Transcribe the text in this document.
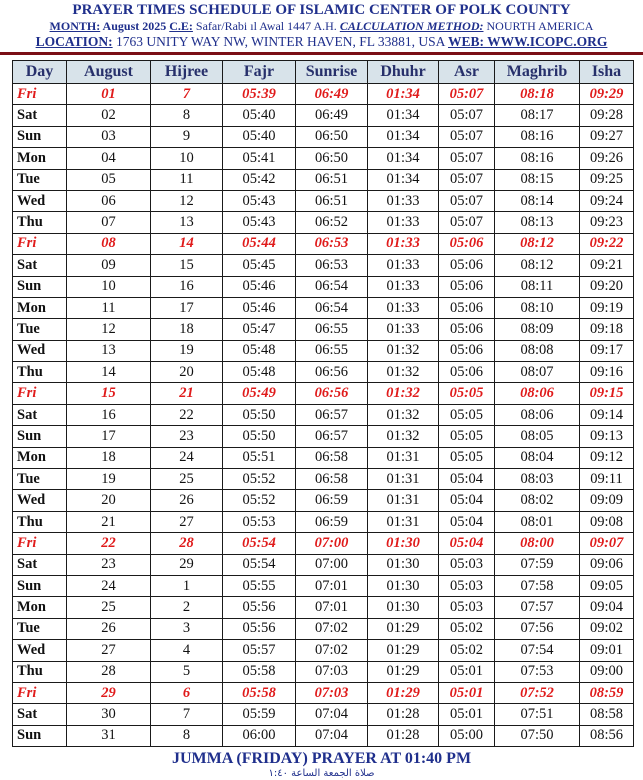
PRAYER TIMES SCHEDULE OF ISLAMIC CENTER OF POLK COUNTY
MONTH: August 2025 C.E: Safar/Rabi ıl Awal 1447 A.H. CALCULATION METHOD: NOURTH AMERICA
LOCATION: 1763 UNITY WAY NW, WINTER HAVEN, FL 33881, USA WEB: WWW.ICOPC.ORG
Day	August	Hijree	Fajr	Sunrise	Dhuhr	Asr	Maghrib	Isha
Fri	01	7	05:39	06:49	01:34	05:07	08:18	09:29
Sat	02	8	05:40	06:49	01:34	05:07	08:17	09:28
Sun	03	9	05:40	06:50	01:34	05:07	08:16	09:27
Mon	04	10	05:41	06:50	01:34	05:07	08:16	09:26
Tue	05	11	05:42	06:51	01:34	05:07	08:15	09:25
Wed	06	12	05:43	06:51	01:33	05:07	08:14	09:24
Thu	07	13	05:43	06:52	01:33	05:07	08:13	09:23
Fri	08	14	05:44	06:53	01:33	05:06	08:12	09:22
Sat	09	15	05:45	06:53	01:33	05:06	08:12	09:21
Sun	10	16	05:46	06:54	01:33	05:06	08:11	09:20
Mon	11	17	05:46	06:54	01:33	05:06	08:10	09:19
Tue	12	18	05:47	06:55	01:33	05:06	08:09	09:18
Wed	13	19	05:48	06:55	01:32	05:06	08:08	09:17
Thu	14	20	05:48	06:56	01:32	05:06	08:07	09:16
Fri	15	21	05:49	06:56	01:32	05:05	08:06	09:15
Sat	16	22	05:50	06:57	01:32	05:05	08:06	09:14
Sun	17	23	05:50	06:57	01:32	05:05	08:05	09:13
Mon	18	24	05:51	06:58	01:31	05:05	08:04	09:12
Tue	19	25	05:52	06:58	01:31	05:04	08:03	09:11
Wed	20	26	05:52	06:59	01:31	05:04	08:02	09:09
Thu	21	27	05:53	06:59	01:31	05:04	08:01	09:08
Fri	22	28	05:54	07:00	01:30	05:04	08:00	09:07
Sat	23	29	05:54	07:00	01:30	05:03	07:59	09:06
Sun	24	1	05:55	07:01	01:30	05:03	07:58	09:05
Mon	25	2	05:56	07:01	01:30	05:03	07:57	09:04
Tue	26	3	05:56	07:02	01:29	05:02	07:56	09:02
Wed	27	4	05:57	07:02	01:29	05:02	07:54	09:01
Thu	28	5	05:58	07:03	01:29	05:01	07:53	09:00
Fri	29	6	05:58	07:03	01:29	05:01	07:52	08:59
Sat	30	7	05:59	07:04	01:28	05:01	07:51	08:58
Sun	31	8	06:00	07:04	01:28	05:00	07:50	08:56
JUMMA (FRIDAY) PRAYER AT 01:40 PM
صلاة الجمعة الساعة ١:٤٠
